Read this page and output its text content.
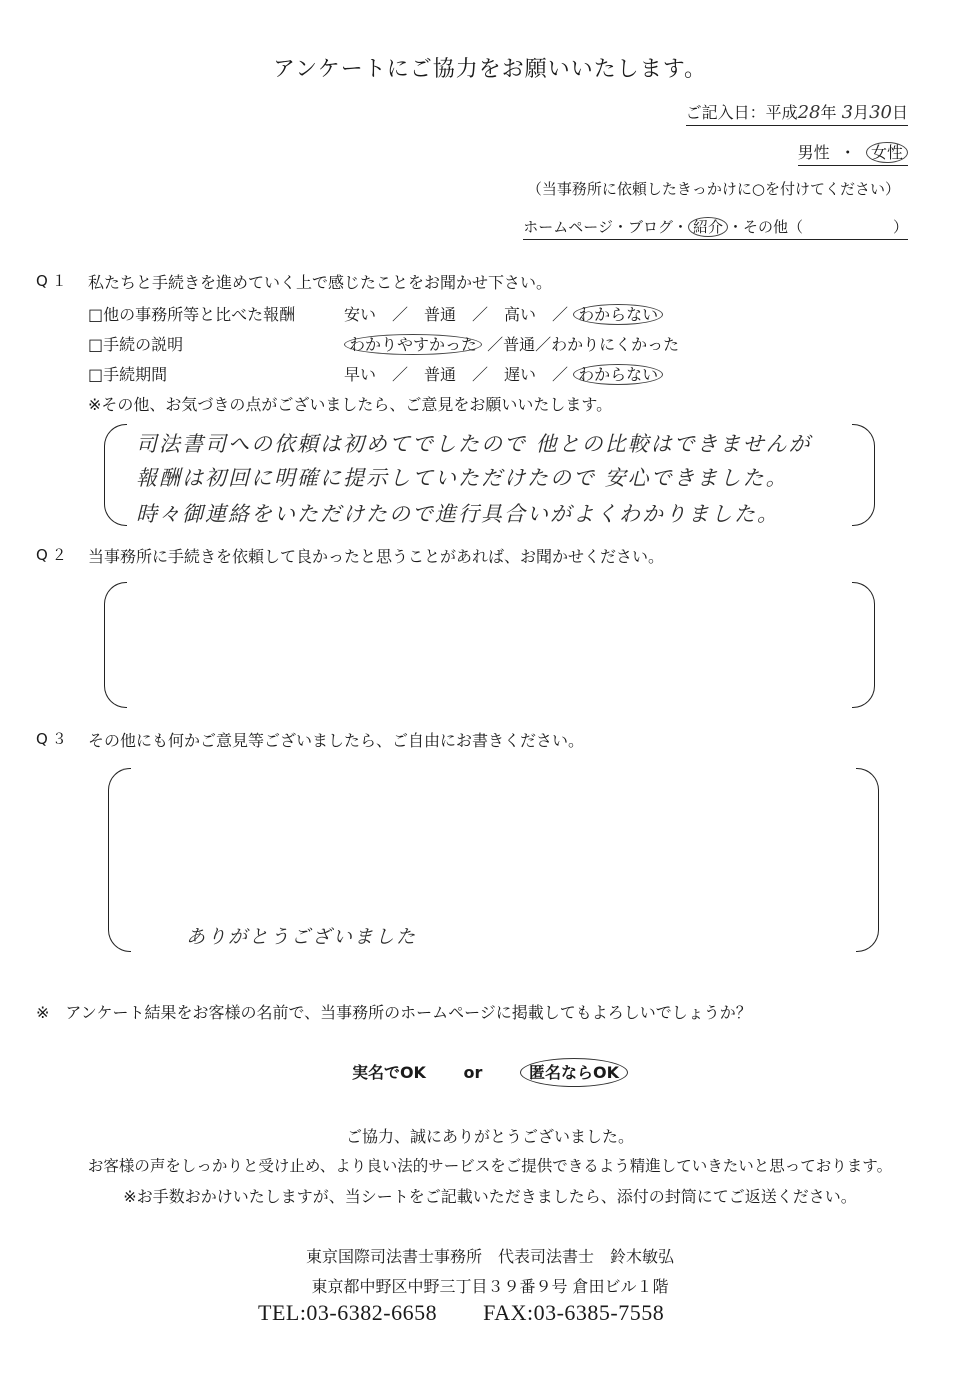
アンケートにご協力をお願いいたします。
ご記入日：平成28年 3月30日
男性 ・ 女性
（当事務所に依頼したきっかけに○を付けてください）
ホームページ・ブログ・ 紹介 ・その他（　　　　　　）
Q１ 私たちと手続きを進めていく上で感じたことをお聞かせ下さい。
□他の事務所等と比べた報酬	安い　／　普通　／　高い　／ わからない
□手続の説明	わかりやすかった ／普通／わかりにくかった
□手続期間	早い　／　普通　／　遅い　／ わからない
※その他、お気づきの点がございましたら、ご意見をお願いいたします。
司法書司への依頼は初めてでしたので 他との比較はできませんが
報酬は初回に明確に提示していただけたので 安心できました。
時々御連絡をいただけたので進行具合いがよくわかりました。
Q２ 当事務所に手続きを依頼して良かったと思うことがあれば、お聞かせください。
Q３ その他にも何かご意見等ございましたら、ご自由にお書きください。
ありがとうございました
※　アンケート結果をお客様の名前で、当事務所のホームページに掲載してもよろしいでしょうか？
実名でOK or	匿名ならOK
ご協力、誠にありがとうございました。
お客様の声をしっかりと受け止め、より良い法的サービスをご提供できるよう精進していきたいと思っております。
※お手数おかけいたしますが、当シートをご記載いただきましたら、添付の封筒にてご返送ください。
東京国際司法書士事務所　代表司法書士　鈴木敏弘
東京都中野区中野三丁目３９番９号 倉田ビル１階
TEL:03-6382-6658 FAX:03-6385-7558
